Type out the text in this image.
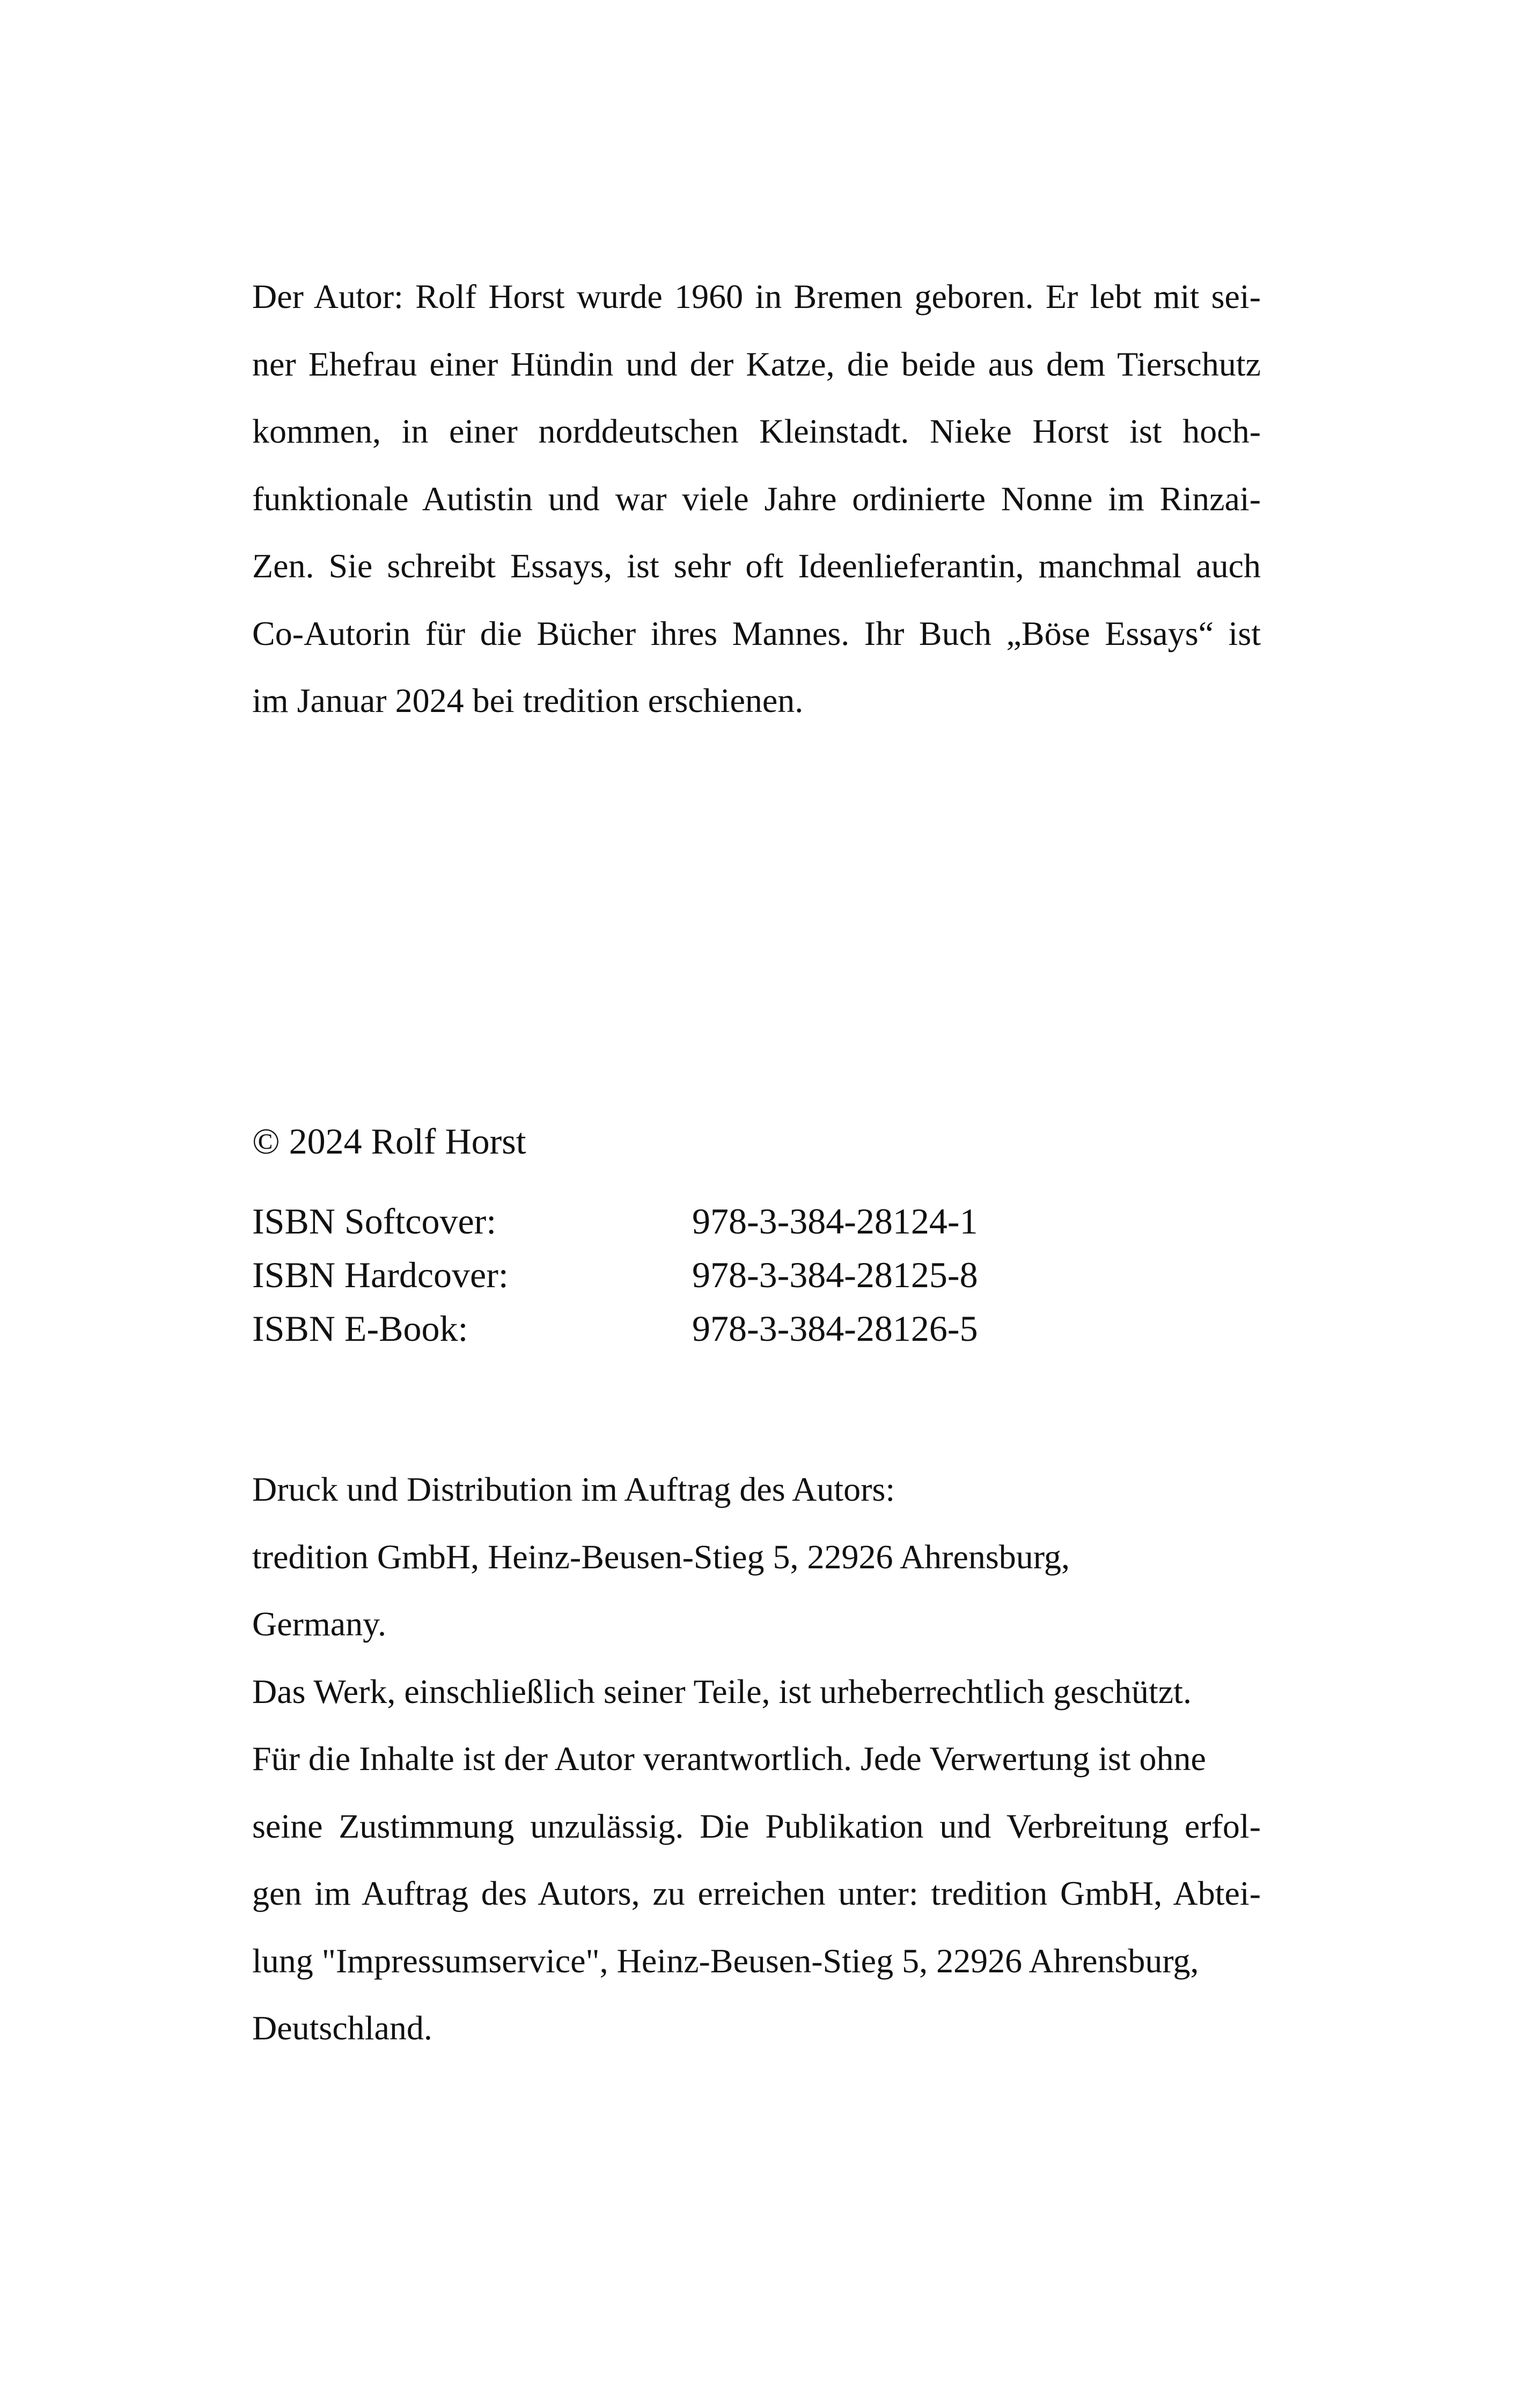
Der Autor: Rolf Horst wurde 1960 in Bremen geboren. Er lebt mit sei-
ner Ehefrau einer Hündin und der Katze, die beide aus dem Tierschutz
kommen, in einer norddeutschen Kleinstadt. Nieke Horst ist hoch-
funktionale Autistin und war viele Jahre ordinierte Nonne im Rinzai-
Zen. Sie schreibt Essays, ist sehr oft Ideenlieferantin, manchmal auch
Co-Autorin für die Bücher ihres Mannes. Ihr Buch „Böse Essays“ ist
im Januar 2024 bei tredition erschienen.
© 2024 Rolf Horst
ISBN Softcover:	978-3-384-28124-1
ISBN Hardcover:	978-3-384-28125-8
ISBN E-Book:	978-3-384-28126-5
Druck und Distribution im Auftrag des Autors:
tredition GmbH, Heinz-Beusen-Stieg 5, 22926 Ahrensburg,
Germany.
Das Werk, einschließlich seiner Teile, ist urheberrechtlich geschützt.
Für die Inhalte ist der Autor verantwortlich. Jede Verwertung ist ohne
seine Zustimmung unzulässig. Die Publikation und Verbreitung erfol-
gen im Auftrag des Autors, zu erreichen unter: tredition GmbH, Abtei-
lung "Impressumservice", Heinz-Beusen-Stieg 5, 22926 Ahrensburg,
Deutschland.
